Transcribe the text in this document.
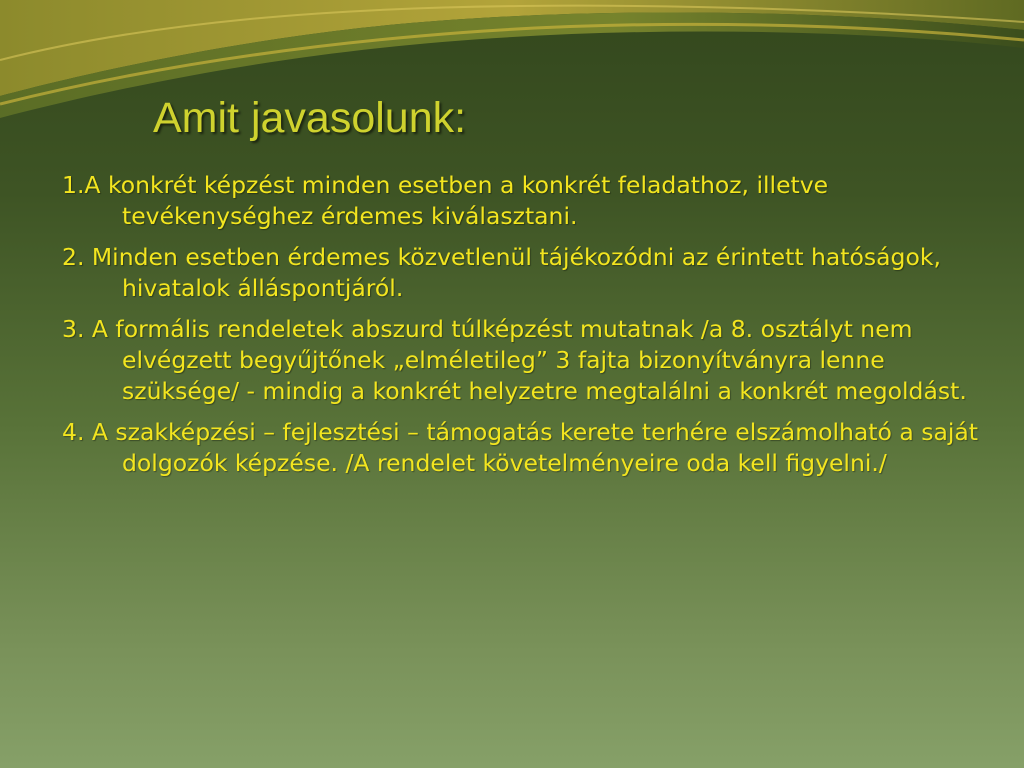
Amit javasolunk:
1.A konkrét képzést minden esetben a konkrét feladathoz, illetve tevékenységhez érdemes kiválasztani.
2. Minden esetben érdemes közvetlenül tájékozódni az érintett hatóságok, hivatalok álláspontjáról.
3. A formális rendeletek abszurd túlképzést mutatnak /a 8. osztályt nem elvégzett begyűjtőnek „elméletileg” 3 fajta bizonyítványra lenne szüksége/ - mindig a konkrét helyzetre megtalálni a konkrét megoldást.
4. A szakképzési – fejlesztési – támogatás kerete terhére elszámolható a saját dolgozók képzése. /A rendelet követelményeire oda kell figyelni./
